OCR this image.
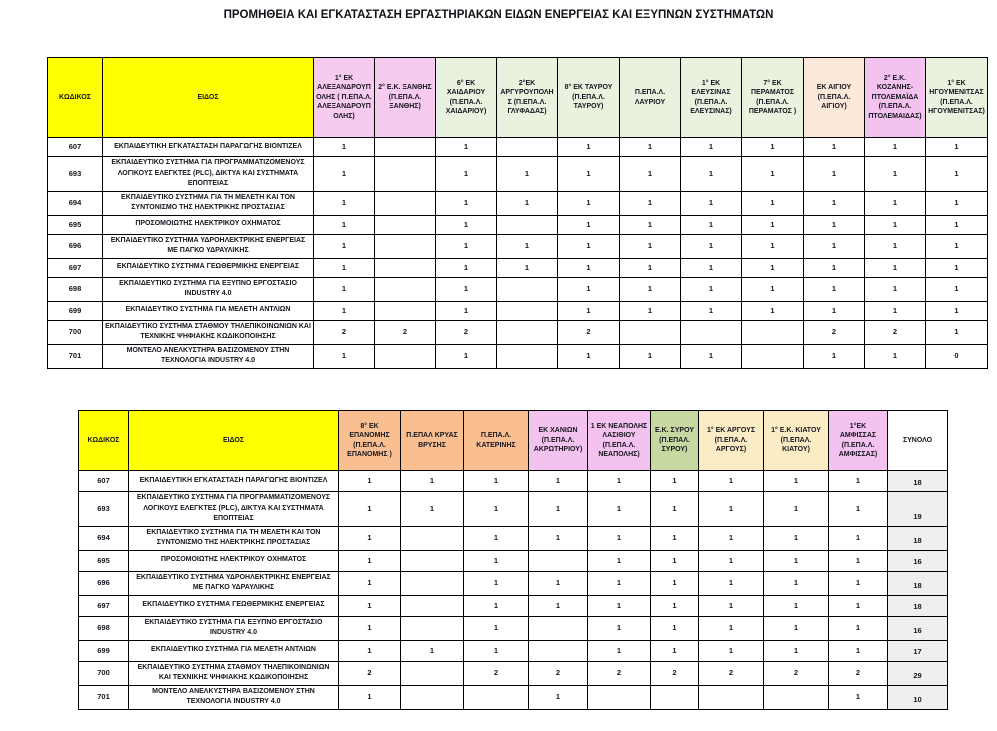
ΠΡΟΜΗΘΕΙΑ ΚΑΙ ΕΓΚΑΤΑΣΤΑΣΗ ΕΡΓΑΣΤΗΡΙΑΚΩΝ ΕΙΔΩΝ ΕΝΕΡΓΕΙΑΣ ΚΑΙ ΕΞΥΠΝΩΝ ΣΥΣΤΗΜΑΤΩΝ
ΚΩΔΙΚΟΣ	ΕΙΔΟΣ	1° ΕΚ ΑΛΕΞΑΝΔΡΟΥΠΟΛΗΣ ( Π.ΕΠΑ.Λ. ΑΛΕΞΑΝΔΡΟΥΠΟΛΗΣ)	2° Ε.Κ. ΞΑΝΘΗΣ (Π.ΕΠΑ.Λ. ΞΑΝΘΗΣ)	6° ΕΚ ΧΑΙΔΑΡΙΟΥ (Π.ΕΠΑ.Λ. ΧΑΙΔΑΡΙΟΥ)	2°ΕΚ ΑΡΓΥΡΟΥΠΟΛΗΣ (Π.ΕΠΑ.Λ. ΓΛΥΦΑΔΑΣ)	8° ΕΚ ΤΑΥΡΟΥ (Π.ΕΠΑ.Λ. ΤΑΥΡΟΥ)	Π.ΕΠΑ.Λ. ΛΑΥΡΙΟΥ	1° ΕΚ ΕΛΕΥΣΙΝΑΣ (Π.ΕΠΑ.Λ. ΕΛΕΥΣΙΝΑΣ)	7° ΕΚ ΠΕΡΑΜΑΤΟΣ (Π.ΕΠΑ.Λ. ΠΕΡΑΜΑΤΟΣ )	ΕΚ ΑΙΓΙΟΥ (Π.ΕΠΑ.Λ. ΑΙΓΙΟΥ)	2° Ε.Κ. ΚΟΖΑΝΗΣ-ΠΤΟΛΕΜΑΪΔΑ (Π.ΕΠΑ.Λ. ΠΤΟΛΕΜΑΙΔΑΣ)	1° ΕΚ ΗΓΟΥΜΕΝΙΤΣΑΣ (Π.ΕΠΑ.Λ. ΗΓΟΥΜΕΝΙΤΣΑΣ)
607	ΕΚΠΑΙΔΕΥΤΙΚΗ ΕΓΚΑΤΑΣΤΑΣΗ ΠΑΡΑΓΩΓΗΣ ΒΙΟΝΤΙΖΕΛ	1		1		1	1	1	1	1	1	1
693	ΕΚΠΑΙΔΕΥΤΙΚΟ ΣΥΣΤΗΜΑ ΓΙΑ ΠΡΟΓΡΑΜΜΑΤΙΖΟΜΕΝΟΥΣ ΛΟΓΙΚΟΥΣ ΕΛΕΓΚΤΕΣ (PLC), ΔΙΚΤΥΑ ΚΑΙ ΣΥΣΤΗΜΑΤΑ ΕΠΟΠΤΕΙΑΣ	1		1	1	1	1	1	1	1	1	1
694	ΕΚΠΑΙΔΕΥΤΙΚΟ ΣΥΣΤΗΜΑ ΓΙΑ ΤΗ ΜΕΛΕΤΗ ΚΑΙ ΤΟΝ ΣΥΝΤΟΝΙΣΜΟ ΤΗΣ ΗΛΕΚΤΡΙΚΗΣ ΠΡΟΣΤΑΣΙΑΣ	1		1	1	1	1	1	1	1	1	1
695	ΠΡΟΣΟΜΟΙΩΤΗΣ ΗΛΕΚΤΡΙΚΟΥ ΟΧΗΜΑΤΟΣ	1		1		1	1	1	1	1	1	1
696	ΕΚΠΑΙΔΕΥΤΙΚΟ ΣΥΣΤΗΜΑ ΥΔΡΟΗΛΕΚΤΡΙΚΗΣ ΕΝΕΡΓΕΙΑΣ ΜΕ ΠΑΓΚΟ ΥΔΡΑΥΛΙΚΗΣ	1		1	1	1	1	1	1	1	1	1
697	ΕΚΠΑΙΔΕΥΤΙΚΟ ΣΥΣΤΗΜΑ ΓΕΩΘΕΡΜΙΚΗΣ ΕΝΕΡΓΕΙΑΣ	1		1	1	1	1	1	1	1	1	1
698	ΕΚΠΑΙΔΕΥΤΙΚΟ ΣΥΣΤΗΜΑ ΓΙΑ ΕΞΥΠΝΟ ΕΡΓΟΣΤΑΣΙΟ INDUSTRY 4.0	1		1		1	1	1	1	1	1	1
699	ΕΚΠΑΙΔΕΥΤΙΚΟ ΣΥΣΤΗΜΑ ΓΙΑ ΜΕΛΕΤΗ ΑΝΤΛΙΩΝ	1		1		1	1	1	1	1	1	1
700	ΕΚΠΑΙΔΕΥΤΙΚΟ ΣΥΣΤΗΜΑ ΣΤΑΘΜΟΥ ΤΗΛΕΠΙΚΟΙΝΩΝΙΩΝ ΚΑΙ ΤΕΧΝΙΚΗΣ ΨΗΦΙΑΚΗΣ ΚΩΔΙΚΟΠΟΙΗΣΗΣ	2	2	2		2				2	2	1
701	ΜΟΝΤΕΛΟ ΑΝΕΛΚΥΣΤΗΡΑ ΒΑΣΙΖΟΜΕΝΟΥ ΣΤΗΝ ΤΕΧΝΟΛΟΓΙΑ INDUSTRY 4.0	1		1		1	1	1		1	1	0
ΚΩΔΙΚΟΣ	ΕΙΔΟΣ	8° ΕΚ ΕΠΑΝΟΜΗΣ (Π.ΕΠΑ.Λ. ΕΠΑΝΟΜΗΣ )	Π.ΕΠΑΛ ΚΡΥΑΣ ΒΡΥΣΗΣ	Π.ΕΠΑ.Λ. ΚΑΤΕΡΙΝΗΣ	ΕΚ ΧΑΝΙΩΝ (Π.ΕΠΑ.Λ. ΑΚΡΩΤΗΡΙΟΥ)	1 ΕΚ ΝΕΑΠΟΛΗΣ ΛΑΣΙΘΙΟΥ (Π.ΕΠΑ.Λ. ΝΕΑΠΟΛΗΣ)	Ε.Κ. ΣΥΡΟΥ (Π.ΕΠΑΛ. ΣΥΡΟΥ)	1° ΕΚ ΑΡΓΟΥΣ (Π.ΕΠΑ.Λ. ΑΡΓΟΥΣ)	1° Ε.Κ. ΚΙΑΤΟΥ (Π.ΕΠΑΛ. ΚΙΑΤΟΥ)	1°ΕΚ ΑΜΦΙΣΣΑΣ (Π.ΕΠΑ.Λ. ΑΜΦΙΣΣΑΣ)	ΣΥΝΟΛΟ
607	ΕΚΠΑΙΔΕΥΤΙΚΗ ΕΓΚΑΤΑΣΤΑΣΗ ΠΑΡΑΓΩΓΗΣ ΒΙΟΝΤΙΖΕΛ	1	1	1	1	1	1	1	1	1	18
693	ΕΚΠΑΙΔΕΥΤΙΚΟ ΣΥΣΤΗΜΑ ΓΙΑ ΠΡΟΓΡΑΜΜΑΤΙΖΟΜΕΝΟΥΣ ΛΟΓΙΚΟΥΣ ΕΛΕΓΚΤΕΣ (PLC), ΔΙΚΤΥΑ ΚΑΙ ΣΥΣΤΗΜΑΤΑ ΕΠΟΠΤΕΙΑΣ	1	1	1	1	1	1	1	1	1	19
694	ΕΚΠΑΙΔΕΥΤΙΚΟ ΣΥΣΤΗΜΑ ΓΙΑ ΤΗ ΜΕΛΕΤΗ ΚΑΙ ΤΟΝ ΣΥΝΤΟΝΙΣΜΟ ΤΗΣ ΗΛΕΚΤΡΙΚΗΣ ΠΡΟΣΤΑΣΙΑΣ	1		1	1	1	1	1	1	1	18
695	ΠΡΟΣΟΜΟΙΩΤΗΣ ΗΛΕΚΤΡΙΚΟΥ ΟΧΗΜΑΤΟΣ	1		1		1	1	1	1	1	16
696	ΕΚΠΑΙΔΕΥΤΙΚΟ ΣΥΣΤΗΜΑ ΥΔΡΟΗΛΕΚΤΡΙΚΗΣ ΕΝΕΡΓΕΙΑΣ ΜΕ ΠΑΓΚΟ ΥΔΡΑΥΛΙΚΗΣ	1		1	1	1	1	1	1	1	18
697	ΕΚΠΑΙΔΕΥΤΙΚΟ ΣΥΣΤΗΜΑ ΓΕΩΘΕΡΜΙΚΗΣ ΕΝΕΡΓΕΙΑΣ	1		1	1	1	1	1	1	1	18
698	ΕΚΠΑΙΔΕΥΤΙΚΟ ΣΥΣΤΗΜΑ ΓΙΑ ΕΞΥΠΝΟ ΕΡΓΟΣΤΑΣΙΟ INDUSTRY 4.0	1		1		1	1	1	1	1	16
699	ΕΚΠΑΙΔΕΥΤΙΚΟ ΣΥΣΤΗΜΑ ΓΙΑ ΜΕΛΕΤΗ ΑΝΤΛΙΩΝ	1	1	1		1	1	1	1	1	17
700	ΕΚΠΑΙΔΕΥΤΙΚΟ ΣΥΣΤΗΜΑ ΣΤΑΘΜΟΥ ΤΗΛΕΠΙΚΟΙΝΩΝΙΩΝ ΚΑΙ ΤΕΧΝΙΚΗΣ ΨΗΦΙΑΚΗΣ ΚΩΔΙΚΟΠΟΙΗΣΗΣ	2		2	2	2	2	2	2	2	29
701	ΜΟΝΤΕΛΟ ΑΝΕΛΚΥΣΤΗΡΑ ΒΑΣΙΖΟΜΕΝΟΥ ΣΤΗΝ ΤΕΧΝΟΛΟΓΙΑ INDUSTRY 4.0	1			1					1	10
